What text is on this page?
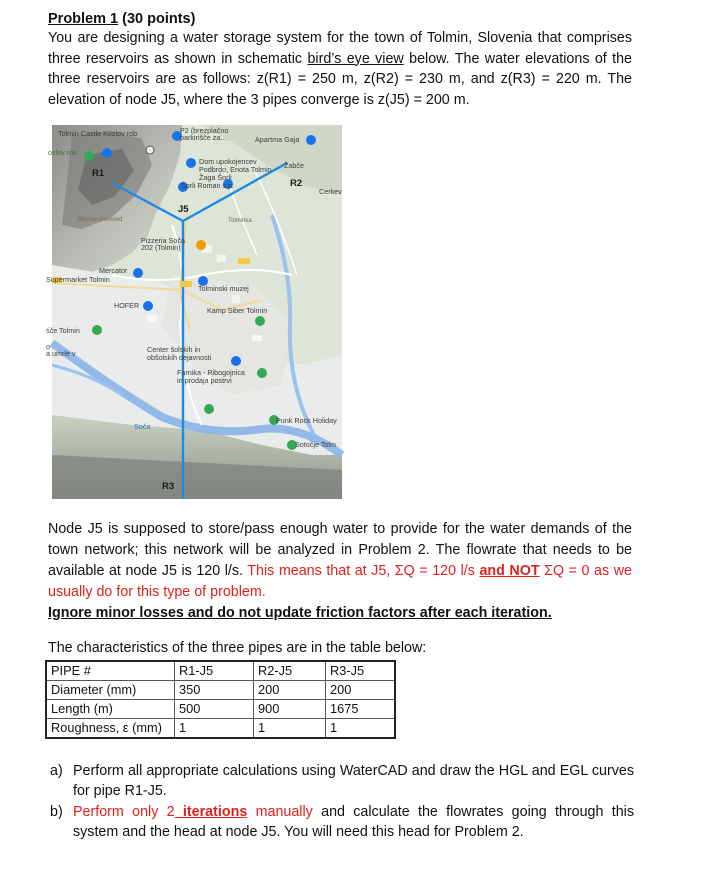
Problem 1 (30 points)
You are designing a water storage system for the town of Tolmin, Slovenia that comprises three reservoirs as shown in schematic bird’s eye view below. The water elevations of the three reservoirs are as follows: z(R1) = 250 m, z(R2) = 230 m, and z(R3) = 220 m. The elevation of node J5, where the 3 pipes converge is z(J5) = 200 m.
Tolmin Castle Kozlov rob
ozlov rob
P2 (brezplačno
parkirišče za...	Apartma Gaja
Dom upokojencev
Podbrdo, Enota Tolmin
Žaga Šorli
Šorli Roman s.p.
Žabče
Cerkev
Pizzeria Soča
202 (Tolmin)
Mercator
Supermarket Tolmin
Tolminski muzej
HOFER
Kamp Siber Tolmin
śče Tolmin
o
a umrle v	Center šolskih in
obšolskih dejavnosti
Farnika - Ribogojnica
in prodaja postrvi
Punk Rock Holiday
Sotočje Tolm
Soča
Brunov drevored	Tolminka
R1
R2
J5
R3
Node J5 is supposed to store/pass enough water to provide for the water demands of the town network; this network will be analyzed in Problem 2. The flowrate that needs to be available at node J5 is 120 l/s. This means that at J5, ΣQ = 120 l/s and NOT ΣQ = 0 as we usually do for this type of problem.
Ignore minor losses and do not update friction factors after each iteration.
The characteristics of the three pipes are in the table below:
PIPE #	R1-J5	R2-J5	R3-J5
Diameter (mm)	350	200	200
Length (m)	500	900	1675
Roughness, ε (mm)	1	1	1
a) Perform all appropriate calculations using WaterCAD and draw the HGL and EGL curves for pipe R1-J5.
b) Perform only 2 iterations manually and calculate the flowrates going through this system and the head at node J5. You will need this head for Problem 2.
